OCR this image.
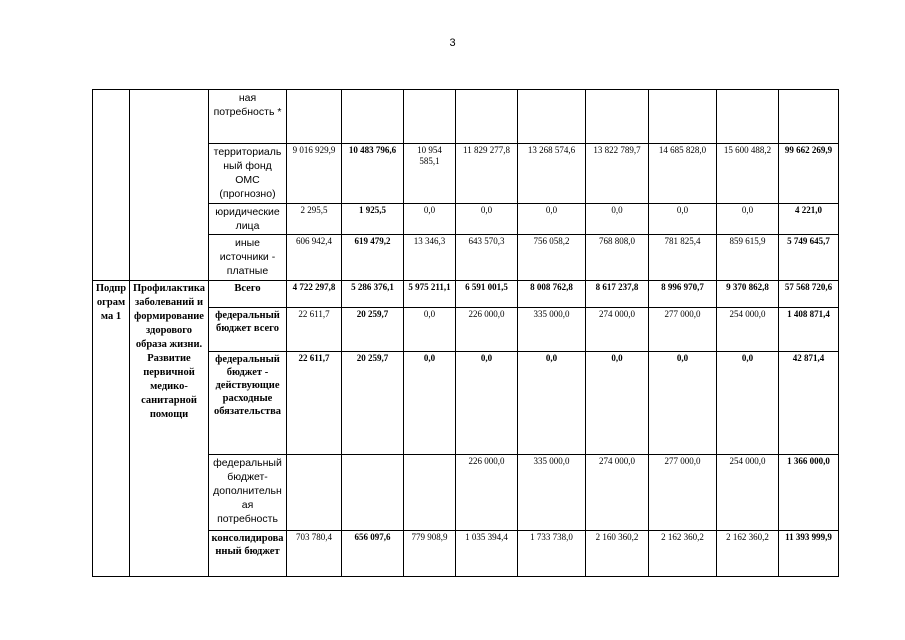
3
		ная потребность *									
		территориальный фонд ОМС (прогнозно)	9 016 929,9	10 483 796,6	10 954 585,1	11 829 277,8	13 268 574,6	13 822 789,7	14 685 828,0	15 600 488,2	99 662 269,9
		юридические лица	2 295,5	1 925,5	0,0	0,0	0,0	0,0	0,0	0,0	4 221,0
		иные источники - платные	606 942,4	619 479,2	13 346,3	643 570,3	756 058,2	768 808,0	781 825,4	859 615,9	5 749 645,7
Подпрограмма 1	Профилактика заболеваний и формирование здорового образа жизни. Развитие первичной медико-санитарной помощи	Всего	4 722 297,8	5 286 376,1	5 975 211,1	6 591 001,5	8 008 762,8	8 617 237,8	8 996 970,7	9 370 862,8	57 568 720,6
		федеральный бюджет всего	22 611,7	20 259,7	0,0	226 000,0	335 000,0	274 000,0	277 000,0	254 000,0	1 408 871,4
		федеральный бюджет - действующие расходные обязательства	22 611,7	20 259,7	0,0	0,0	0,0	0,0	0,0	0,0	42 871,4
		федеральный бюджет- дополнительная потребность				226 000,0	335 000,0	274 000,0	277 000,0	254 000,0	1 366 000,0
		консолидированный бюджет	703 780,4	656 097,6	779 908,9	1 035 394,4	1 733 738,0	2 160 360,2	2 162 360,2	2 162 360,2	11 393 999,9
